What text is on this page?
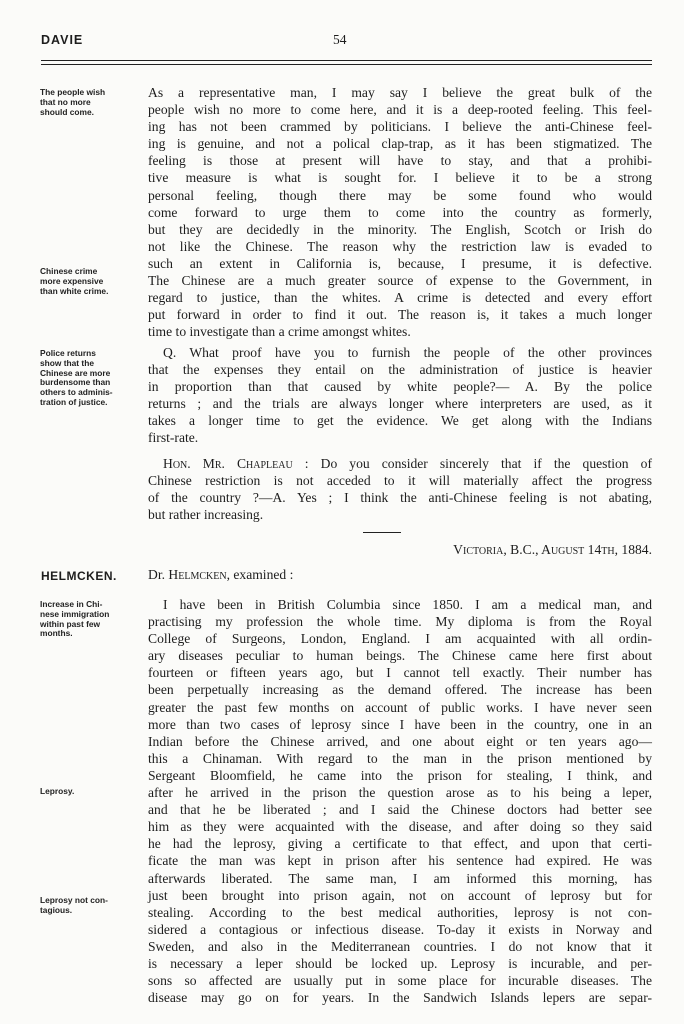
DAVIE	54
The people wish
that no more
should come.
Chinese crime
more expensive
than white crime.
Police returns
show that the
Chinese are more
burdensome than
others to adminis-
tration of justice.
HELMCKEN.
Increase in Chi-
nese immigration
within past few
months.
Leprosy.
Leprosy not con-
tagious.
As a representative man, I may say I believe the great bulk of the
people wish no more to come here, and it is a deep-rooted feeling. This feel-
ing has not been crammed by politicians. I believe the anti-Chinese feel-
ing is genuine, and not a polical clap-trap, as it has been stigmatized. The
feeling is those at present will have to stay, and that a prohibi-
tive measure is what is sought for. I believe it to be a strong
personal feeling, though there may be some found who would
come forward to urge them to come into the country as formerly,
but they are decidedly in the minority. The English, Scotch or Irish do
not like the Chinese. The reason why the restriction law is evaded to
such an extent in California is, because, I presume, it is defective.
The Chinese are a much greater source of expense to the Government, in
regard to justice, than the whites. A crime is detected and every effort
put forward in order to find it out. The reason is, it takes a much longer
time to investigate than a crime amongst whites.
Q. What proof have you to furnish the people of the other provinces
that the expenses they entail on the administration of justice is heavier
in proportion than that caused by white people?— A. By the police
returns ; and the trials are always longer where interpreters are used, as it
takes a longer time to get the evidence. We get along with the Indians
first-rate.
Hon. Mr. Chapleau : Do you consider sincerely that if the question of
Chinese restriction is not acceded to it will materially affect the progress
of the country ?—A. Yes ; I think the anti-Chinese feeling is not abating,
but rather increasing.
Victoria, B.C., August 14th, 1884.
Dr. Helmcken, examined :
I have been in British Columbia since 1850. I am a medical man, and
practising my profession the whole time. My diploma is from the Royal
College of Surgeons, London, England. I am acquainted with all ordin-
ary diseases peculiar to human beings. The Chinese came here first about
fourteen or fifteen years ago, but I cannot tell exactly. Their number has
been perpetually increasing as the demand offered. The increase has been
greater the past few months on account of public works. I have never seen
more than two cases of leprosy since I have been in the country, one in an
Indian before the Chinese arrived, and one about eight or ten years ago—
this a Chinaman. With regard to the man in the prison mentioned by
Sergeant Bloomfield, he came into the prison for stealing, I think, and
after he arrived in the prison the question arose as to his being a leper,
and that he be liberated ; and I said the Chinese doctors had better see
him as they were acquainted with the disease, and after doing so they said
he had the leprosy, giving a certificate to that effect, and upon that certi-
ficate the man was kept in prison after his sentence had expired. He was
afterwards liberated. The same man, I am informed this morning, has
just been brought into prison again, not on account of leprosy but for
stealing. According to the best medical authorities, leprosy is not con-
sidered a contagious or infectious disease. To-day it exists in Norway and
Sweden, and also in the Mediterranean countries. I do not know that it
is necessary a leper should be locked up. Leprosy is incurable, and per-
sons so affected are usually put in some place for incurable diseases. The
disease may go on for years. In the Sandwich Islands lepers are separ-
